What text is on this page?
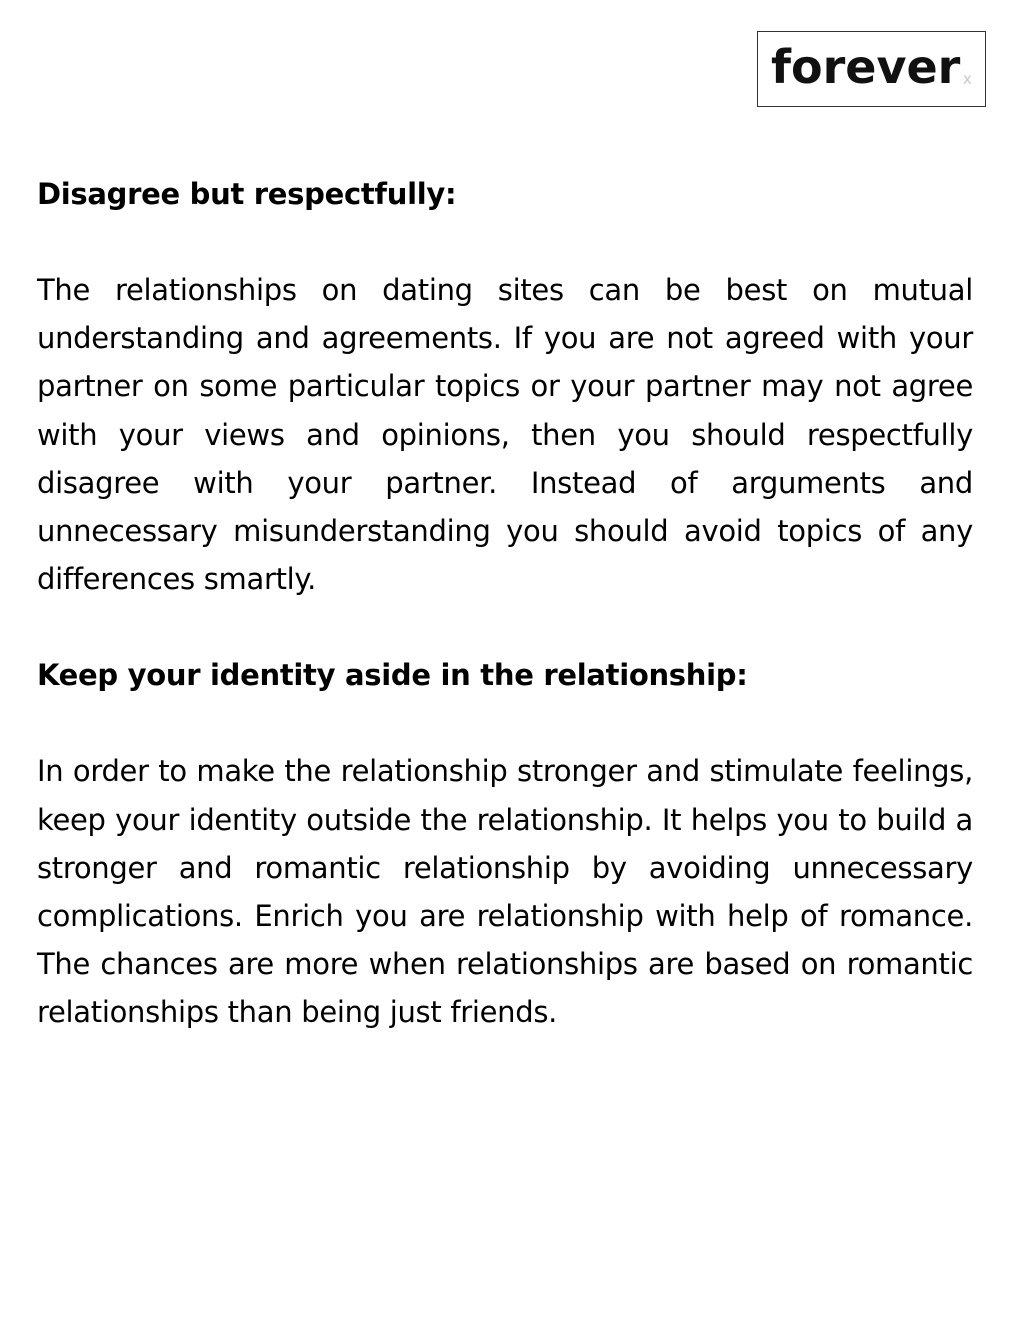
forever x
Disagree but respectfully:

The relationships on dating sites can be best on mutual understanding and agreements. If you are not agreed with your partner on some particular topics or your partner may not agree with your views and opinions, then you should respectfully disagree with your partner. Instead of arguments and unnecessary misunderstanding you should avoid topics of any differences smartly.

Keep your identity aside in the relationship:

In order to make the relationship stronger and stimulate feelings, keep your identity outside the relationship. It helps you to build a stronger and romantic relationship by avoiding unnecessary complications. Enrich you are relationship with help of romance. The chances are more when relationships are based on romantic relationships than being just friends.
